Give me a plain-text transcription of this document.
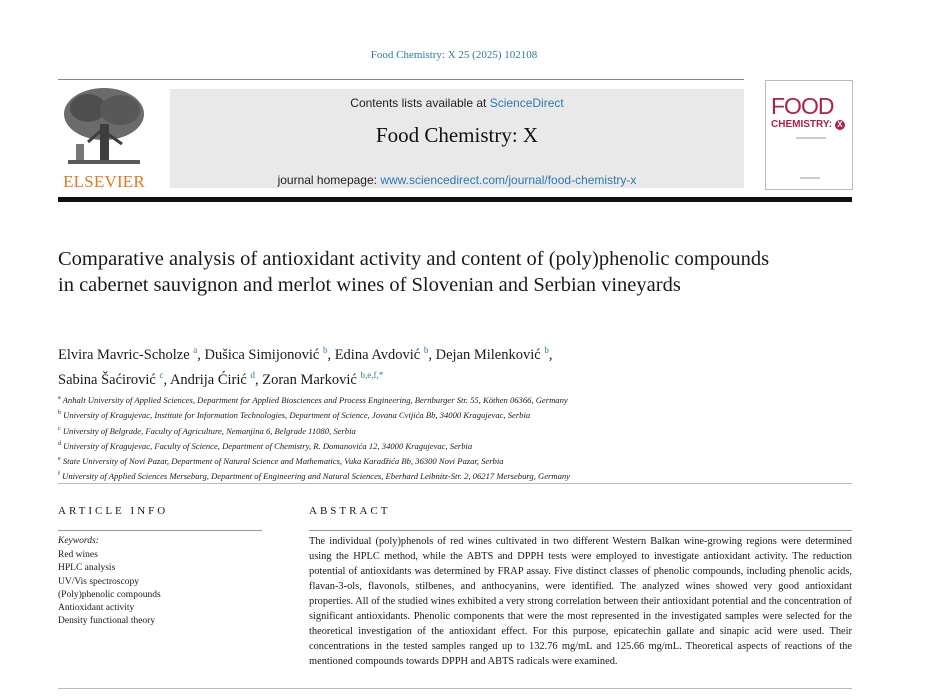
Food Chemistry: X 25 (2025) 102108
ELSEVIER
Contents lists available at ScienceDirect
Food Chemistry: X
journal homepage: www.sciencedirect.com/journal/food-chemistry-x
FOOD
CHEMISTRY: X
Comparative analysis of antioxidant activity and content of (poly)phenolic compounds in cabernet sauvignon and merlot wines of Slovenian and Serbian vineyards
Elvira Mavric-Scholze $^a$, Dušica Simijonović $^b$, Edina Avdović $^b$, Dejan Milenković $^b$,
Sabina Šaćirović $^c$, Andrija Ćirić $^d$, Zoran Marković $^{b,e,f,*}$
$^a$ Anhalt University of Applied Sciences, Department for Applied Biosciences and Process Engineering, Bernburger Str. 55, Köthen 06366, Germany
$^b$ University of Kragujevac, Institute for Information Technologies, Department of Science, Jovana Cvijića Bb, 34000 Kragujevac, Serbia
$^c$ University of Belgrade, Faculty of Agriculture, Nemanjina 6, Belgrade 11080, Serbia
$^d$ University of Kragujevac, Faculty of Science, Department of Chemistry, R. Domanovića 12, 34000 Kragujevac, Serbia
$^e$ State University of Novi Pazar, Department of Natural Science and Mathematics, Vuka Karadžića Bb, 36300 Novi Pazar, Serbia
$^f$ University of Applied Sciences Merseburg, Department of Engineering and Natural Sciences, Eberhard Leibnitz-Str. 2, 06217 Merseburg, Germany
ARTICLE INFO
Keywords:
Red wines
HPLC analysis
UV/Vis spectroscopy
(Poly)phenolic compounds
Antioxidant activity
Density functional theory
ABSTRACT
The individual (poly)phenols of red wines cultivated in two different Western Balkan wine-growing regions were determined using the HPLC method, while the ABTS and DPPH tests were employed to investigate antioxidant activity. The reduction potential of antioxidants was determined by FRAP assay. Five distinct classes of phenolic compounds, including phenolic acids, flavan-3-ols, flavonols, stilbenes, and anthocyanins, were identified. The analyzed wines showed very good antioxidant properties. All of the studied wines exhibited a very strong correlation between their antioxidant potential and the concentration of significant antioxidants. Phenolic components that were the most represented in the investigated samples were selected for the theoretical investigation of the antioxidant effect. For this purpose, epicatechin gallate and sinapic acid were used. Their concentrations in the tested samples ranged up to 132.76 mg/mL and 125.66 mg/mL. Theoretical aspects of reactions of the mentioned compounds towards DPPH and ABTS radicals were examined.
